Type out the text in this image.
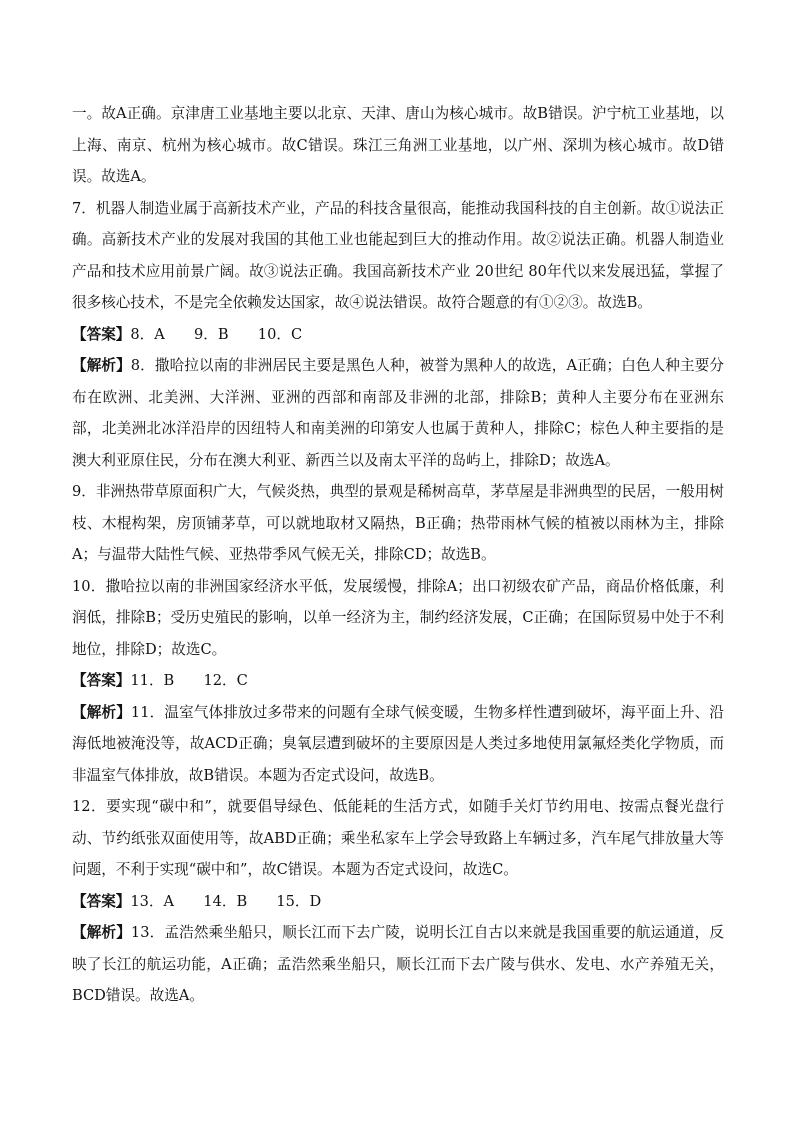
一。故A正确。京津唐工业基地主要以北京、天津、唐山为核心城市。故B错误。沪宁杭工业基地，以上海、南京、杭州为核心城市。故C错误。珠江三角洲工业基地，以广州、深圳为核心城市。故D错误。故选A。

7．机器人制造业属于高新技术产业，产品的科技含量很高，能推动我国科技的自主创新。故①说法正确。高新技术产业的发展对我国的其他工业也能起到巨大的推动作用。故②说法正确。机器人制造业产品和技术应用前景广阔。故③说法正确。我国高新技术产业 20世纪 80年代以来发展迅猛，掌握了很多核心技术，不是完全依赖发达国家，故④说法错误。故符合题意的有①②③。故选B。

【答案】8．A　　9．B　　10．C

【解析】8．撒哈拉以南的非洲居民主要是黑色人种，被誉为黑种人的故选，A正确；白色人种主要分布在欧洲、北美洲、大洋洲、亚洲的西部和南部及非洲的北部，排除B；黄种人主要分布在亚洲东部，北美洲北冰洋沿岸的因纽特人和南美洲的印第安人也属于黄种人，排除C；棕色人种主要指的是澳大利亚原住民，分布在澳大利亚、新西兰以及南太平洋的岛屿上，排除D；故选A。

9．非洲热带草原面积广大，气候炎热，典型的景观是稀树高草，茅草屋是非洲典型的民居，一般用树枝、木棍构架，房顶铺茅草，可以就地取材又隔热，B正确；热带雨林气候的植被以雨林为主，排除A；与温带大陆性气候、亚热带季风气候无关，排除CD；故选B。

10．撒哈拉以南的非洲国家经济水平低，发展缓慢，排除A；出口初级农矿产品，商品价格低廉，利润低，排除B；受历史殖民的影响，以单一经济为主，制约经济发展，C正确；在国际贸易中处于不利地位，排除D；故选C。

【答案】11．B　　12．C

【解析】11．温室气体排放过多带来的问题有全球气候变暖，生物多样性遭到破坏，海平面上升、沿海低地被淹没等，故ACD正确；臭氧层遭到破坏的主要原因是人类过多地使用氯氟烃类化学物质，而非温室气体排放，故B错误。本题为否定式设问，故选B。

12．要实现“碳中和”，就要倡导绿色、低能耗的生活方式，如随手关灯节约用电、按需点餐光盘行动、节约纸张双面使用等，故ABD正确；乘坐私家车上学会导致路上车辆过多，汽车尾气排放量大等问题，不利于实现“碳中和”，故C错误。本题为否定式设问，故选C。

【答案】13．A　　14．B　　15．D

【解析】13．孟浩然乘坐船只，顺长江而下去广陵，说明长江自古以来就是我国重要的航运通道，反映了长江的航运功能，A正确；孟浩然乘坐船只，顺长江而下去广陵与供水、发电、水产养殖无关，BCD错误。故选A。
